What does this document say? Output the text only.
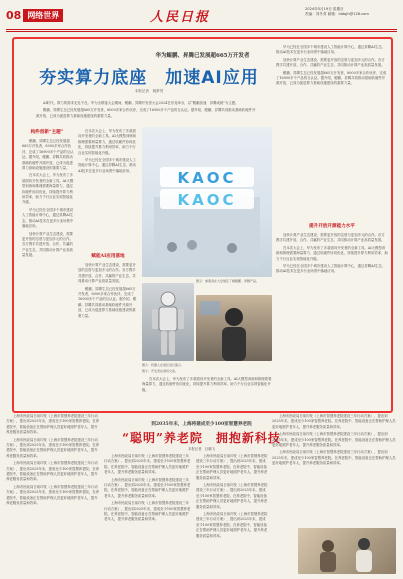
08 网络世界	人民日报
2024年5月19日 星期日
责编：刘冬青 邮箱：lddqjh@126.com
华为鲲鹏、昇腾已发展超665万开发者
夯实算力底座　加速AI应用
本报记者　姚梦昊

华为已经在全国多个城市建设人工智能计算中心，通过昇腾AI生态，推动AI技术在更多行业场景中落地应用。

加快计算产业生态建设，需要更开放的态度与更加多元的合作。各方携手共建开放、合作、共赢的产业生态，共同推动计算产业高质量发展。

鲲鹏、昇腾生态已经发展超665万开发者，8000多家合作伙伴，完成了16900多个产品的互认证。据介绍，鲲鹏、昇腾共同推动基础软硬件开源开放，已成为促进算力基础设施建设的重要力量。

提升开放开源能力水平

加快计算产业生态建设，需要更开放的态度与更加多元的合作。各方携手共建开放、合作、共赢的产业生态，共同推动计算产业高质量发展。

在本次大会上，华为发布了多款面向开发者的全新工具。AI大模型训练和推理需要海量算力，通过软硬件协同优化，持续提升算力利用效率，助力千行百业实现智能化升级。

华为已经在全国多个城市建设人工智能计算中心，通过昇腾AI生态，推动AI技术在更多行业场景中落地应用。

AI时代，算力的需求无处不在。华为全联接大会期间，鲲鹏、昇腾开发者大会2024在东莞举办，以“鲲鹏加速　昇腾成就”为主题。

鲲鹏、昇腾生态已经发展超665万开发者，8000多家合作伙伴，完成了16900多个产品的互认证。据介绍，鲲鹏、昇腾共同推动基础软硬件开源开放，已成为促进算力基础设施建设的重要力量。

构件创新“主题”

鲲鹏、昇腾生态已经发展超665万开发者，8000多家合作伙伴，完成了16900多个产品的互认证。据介绍，鲲鹏、昇腾共同推动基础软硬件开源开放，已成为促进算力基础设施建设的重要力量。

在本次大会上，华为发布了多款面向开发者的全新工具。AI大模型训练和推理需要海量算力，通过软硬件协同优化，持续提升算力利用效率，助力千行百业实现智能化升级。

华为已经在全国多个城市建设人工智能计算中心，通过昇腾AI生态，推动AI技术在更多行业场景中落地应用。

加快计算产业生态建设，需要更开放的态度与更加多元的合作。各方携手共建开放、合作、共赢的产业生态，共同推动计算产业高质量发展。

在本次大会上，华为发布了多款面向开发者的全新工具。AI大模型训练和推理需要海量算力，通过软硬件协同优化，持续提升算力利用效率，助力千行百业实现智能化升级。

华为已经在全国多个城市建设人工智能计算中心，通过昇腾AI生态，推动AI技术在更多行业场景中落地应用。

赋能AI应用落地

加快计算产业生态建设，需要更开放的态度与更加多元的合作。各方携手共建开放、合作、共赢的产业生态，共同推动计算产业高质量发展。

鲲鹏、昇腾生态已经发展超665万开发者，8000多家合作伙伴，完成了16900多个产品的互认证。据介绍，鲲鹏、昇腾共同推动基础软硬件开源开放，已成为促进算力基础设施建设的重要力量。

KAOC
KAOC
图①：参观者在大会展区了解鲲鹏、昇腾产品。
图②：机器人在展区进行演示。
图③：开发者在现场交流。

在本次大会上，华为发布了多款面向开发者的全新工具。AI大模型训练和推理需要海量算力，通过软硬件协同优化，持续提升算力利用效率，助力千行百业实现智能化升级。

到2035年末，上海将建成至少100家智慧养老院
“聪明”养老院　拥抱新科技
本报记者　巨鹏飞

上海市民政局日前印发《上海市智慧养老院建设三年行动方案》，提出到2025年末，建成至少100家智慧养老院。在养老院中，智能设备正在帮助护理人员更好地照护老年人，提升养老服务质量和效率。

上海市民政局日前印发《上海市智慧养老院建设三年行动方案》，提出到2025年末，建成至少100家智慧养老院。在养老院中，智能设备正在帮助护理人员更好地照护老年人，提升养老服务质量和效率。

上海市民政局日前印发《上海市智慧养老院建设三年行动方案》，提出到2025年末，建成至少100家智慧养老院。在养老院中，智能设备正在帮助护理人员更好地照护老年人，提升养老服务质量和效率。

上海市民政局日前印发《上海市智慧养老院建设三年行动方案》，提出到2025年末，建成至少100家智慧养老院。在养老院中，智能设备正在帮助护理人员更好地照护老年人，提升养老服务质量和效率。

上海市民政局日前印发《上海市智慧养老院建设三年行动方案》，提出到2025年末，建成至少100家智慧养老院。在养老院中，智能设备正在帮助护理人员更好地照护老年人，提升养老服务质量和效率。

上海市民政局日前印发《上海市智慧养老院建设三年行动方案》，提出到2025年末，建成至少100家智慧养老院。在养老院中，智能设备正在帮助护理人员更好地照护老年人，提升养老服务质量和效率。

上海市民政局日前印发《上海市智慧养老院建设三年行动方案》，提出到2025年末，建成至少100家智慧养老院。在养老院中，智能设备正在帮助护理人员更好地照护老年人，提升养老服务质量和效率。

上海市民政局日前印发《上海市智慧养老院建设三年行动方案》，提出到2025年末，建成至少100家智慧养老院。在养老院中，智能设备正在帮助护理人员更好地照护老年人，提升养老服务质量和效率。

上海市民政局日前印发《上海市智慧养老院建设三年行动方案》，提出到2025年末，建成至少100家智慧养老院。在养老院中，智能设备正在帮助护理人员更好地照护老年人，提升养老服务质量和效率。

上海市民政局日前印发《上海市智慧养老院建设三年行动方案》，提出到2025年末，建成至少100家智慧养老院。在养老院中，智能设备正在帮助护理人员更好地照护老年人，提升养老服务质量和效率。

上海市民政局日前印发《上海市智慧养老院建设三年行动方案》，提出到2025年末，建成至少100家智慧养老院。在养老院中，智能设备正在帮助护理人员更好地照护老年人，提升养老服务质量和效率。

上海市民政局日前印发《上海市智慧养老院建设三年行动方案》，提出到2025年末，建成至少100家智慧养老院。在养老院中，智能设备正在帮助护理人员更好地照护老年人，提升养老服务质量和效率。

上海市民政局日前印发《上海市智慧养老院建设三年行动方案》，提出到2025年末，建成至少100家智慧养老院。在养老院中，智能设备正在帮助护理人员更好地照护老年人，提升养老服务质量和效率。
